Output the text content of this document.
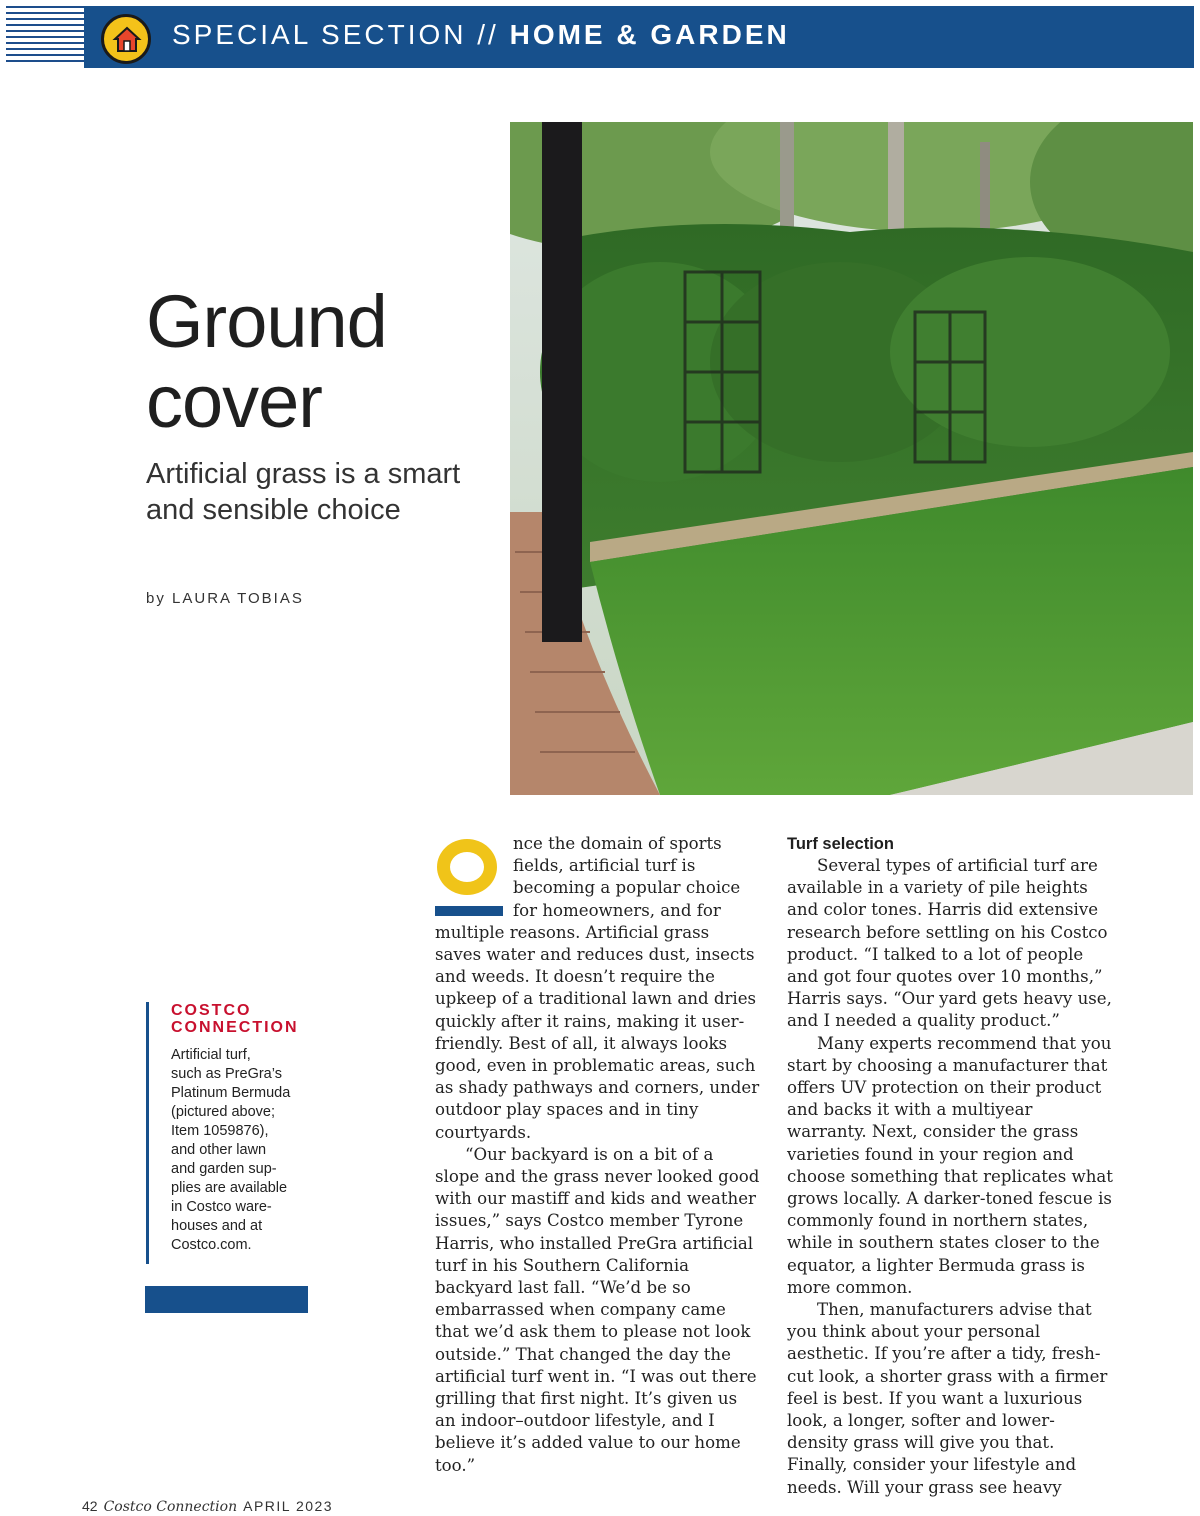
SPECIAL SECTION // HOME & GARDEN
Ground cover
Artificial grass is a smart and sensible choice
by LAURA TOBIAS
COSTCO
CONNECTION
Artificial turf,
such as PreGra’s
Platinum Bermuda
(pictured above;
Item 1059876),
and other lawn
and garden sup-
plies are available
in Costco ware-
houses and at
Costco.com.

nce the domain of sports fields, artificial turf is becoming a popular choice for homeowners, and for multiple reasons. Artificial grass saves water and reduces dust, insects and weeds. It doesn’t require the upkeep of a traditional lawn and dries quickly after it rains, making it user-friendly. Best of all, it always looks good, even in problematic areas, such as shady pathways and corners, under outdoor play spaces and in tiny courtyards.

“Our backyard is on a bit of a slope and the grass never looked good with our mastiff and kids and weather issues,” says Costco member Tyrone Harris, who installed PreGra artificial turf in his Southern California backyard last fall. “We’d be so embarrassed when company came that we’d ask them to please not look outside.” That changed the day the artificial turf went in. “I was out there grilling that first night. It’s given us an indoor–outdoor lifestyle, and I believe it’s added value to our home too.”

Turf selection

Several types of artificial turf are available in a variety of pile heights and color tones. Harris did extensive research before settling on his Costco product. “I talked to a lot of people and got four quotes over 10 months,” Harris says. “Our yard gets heavy use, and I needed a quality product.”

Many experts recommend that you start by choosing a manufacturer that offers UV protection on their product and backs it with a multiyear warranty. Next, consider the grass varieties found in your region and choose something that replicates what grows locally. A darker-toned fescue is commonly found in northern states, while in southern states closer to the equator, a lighter Bermuda grass is more common.

Then, manufacturers advise that you think about your personal aesthetic. If you’re after a tidy, fresh-cut look, a shorter grass with a firmer feel is best. If you want a luxurious look, a longer, softer and lower-density grass will give you that. Finally, consider your lifestyle and needs. Will your grass see heavy

42 Costco Connection APRIL 2023
